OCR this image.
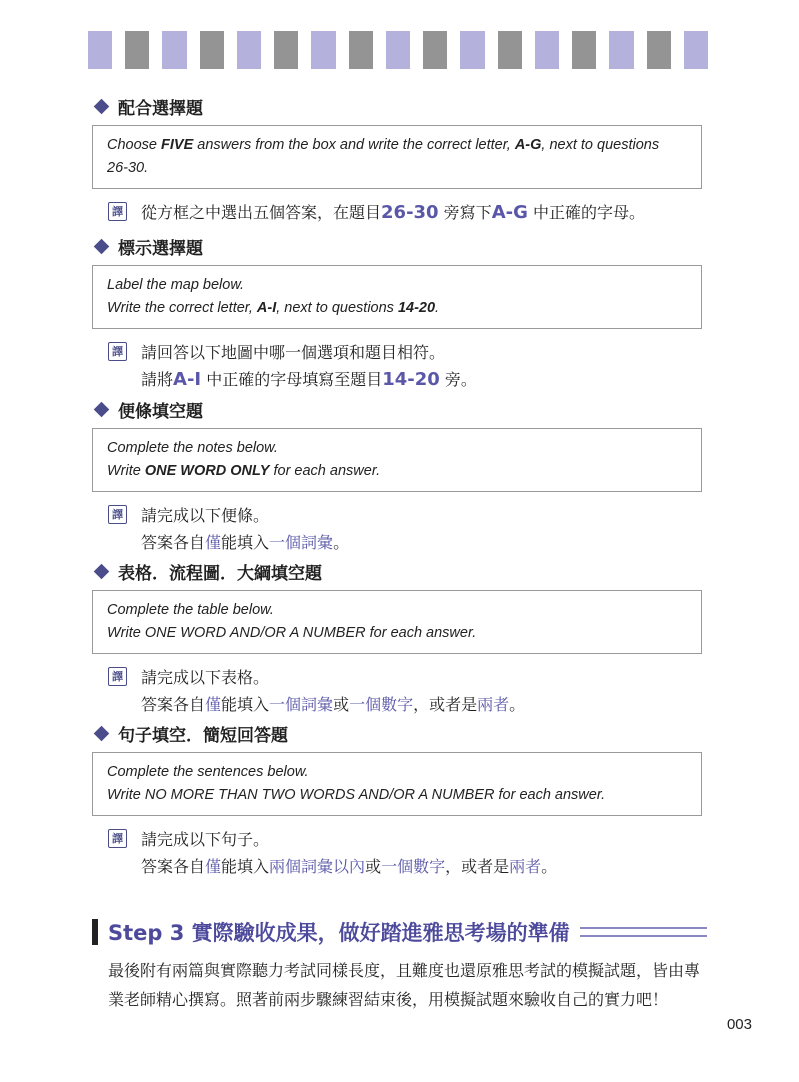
配合選擇題
Choose FIVE answers from the box and write the correct letter, A-G, next to questions
26-30.
譯 從方框之中選出五個答案，在題目26-30 旁寫下A-G 中正確的字母。
標示選擇題
Label the map below.
Write the correct letter, A-I, next to questions 14-20.
譯 請回答以下地圖中哪一個選項和題目相符。
請將A-I 中正確的字母填寫至題目14-20 旁。
便條填空題
Complete the notes below.
Write ONE WORD ONLY for each answer.
譯 請完成以下便條。
答案各自僅能填入一個詞彙。
表格．流程圖．大綱填空題
Complete the table below.
Write ONE WORD AND/OR A NUMBER for each answer.
譯 請完成以下表格。
答案各自僅能填入一個詞彙或一個數字，或者是兩者。
句子填空．簡短回答題
Complete the sentences below.
Write NO MORE THAN TWO WORDS AND/OR A NUMBER for each answer.
譯 請完成以下句子。
答案各自僅能填入兩個詞彙以內或一個數字，或者是兩者。
Step 3 實際驗收成果，做好踏進雅思考場的準備
最後附有兩篇與實際聽力考試同樣長度，且難度也還原雅思考試的模擬試題，皆由專業老師精心撰寫。照著前兩步驟練習結束後，用模擬試題來驗收自己的實力吧！
003
